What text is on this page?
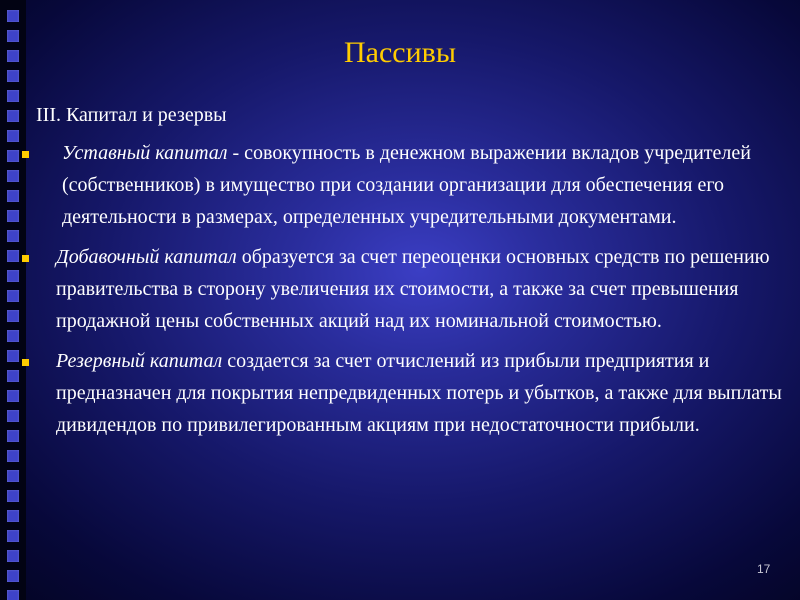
Пассивы
III. Капитал и резервы
Уставный капитал - совокупность в денежном выражении вкладов учредителей (собственников) в имущество при создании организации для обеспечения его деятельности в размерах, определенных учредительными документами.
Добавочный капитал образуется за счет переоценки основных средств по решению правительства в сторону увеличения их стоимости, а также за счет превышения продажной цены собственных акций над их номинальной стоимостью.
Резервный капитал создается за счет отчислений из прибыли предприятия и предназначен для покрытия непредвиденных потерь и убытков, а также для выплаты дивидендов по привилегированным акциям при недостаточности прибыли.
17
